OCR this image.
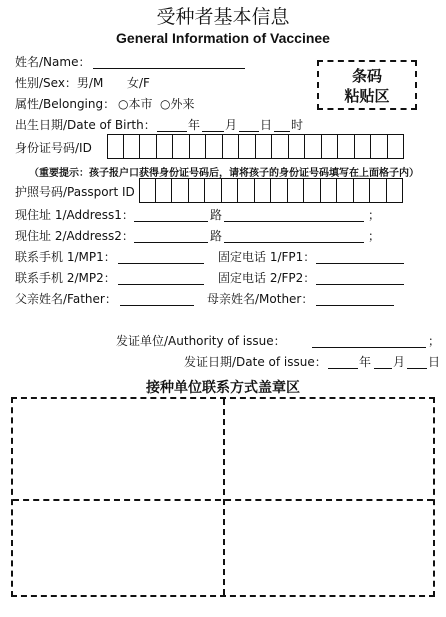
受种者基本信息
General Information of Vaccinee
姓名/Name：
条码
粘贴区
性别/Sex：男/M 女/F
属性/Belonging： ○本市 ○外来
出生日期/Date of Birth：	年 月 日 时
身份证号码/ID
（重要提示：孩子报户口获得身份证号码后，请将孩子的身份证号码填写在上面格子内）
护照号码/Passport ID
现住址 1/Address1：	路	；
现住址 2/Address2：	路	；
联系手机 1/MP1：	固定电话 1/FP1：
联系手机 2/MP2：	固定电话 2/FP2：
父亲姓名/Father：	母亲姓名/Mother：
发证单位/Authority of issue：	；
发证日期/Date of issue：	年 月 日
接种单位联系方式盖章区
